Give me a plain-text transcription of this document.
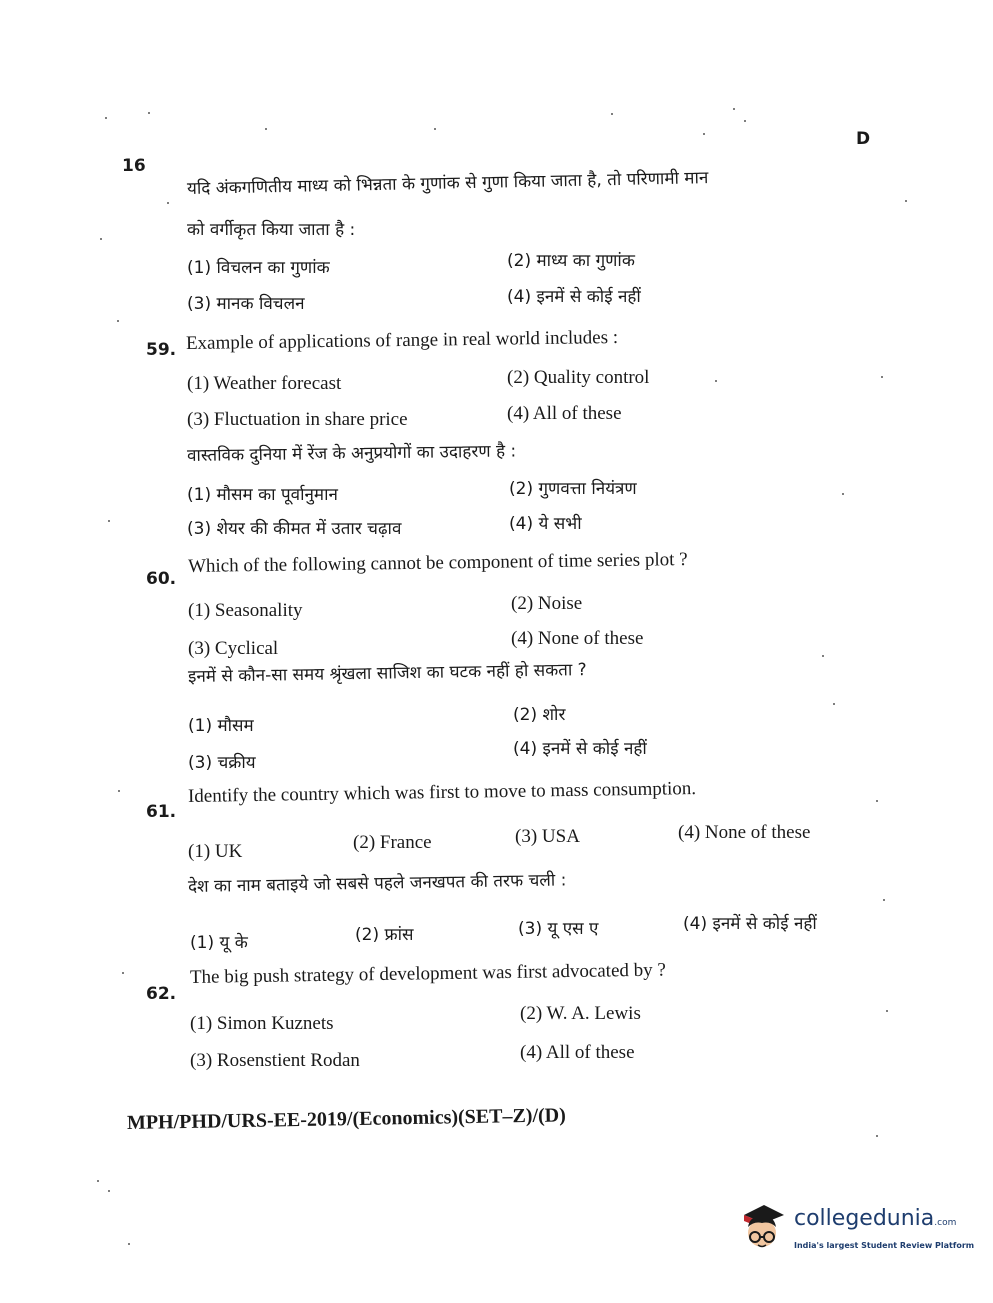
16
D
यदि अंकगणितीय माध्य को भिन्नता के गुणांक से गुणा किया जाता है, तो परिणामी मान
को वर्गीकृत किया जाता है :
(1) विचलन का गुणांक	(2) माध्य का गुणांक
(3) मानक विचलन	(4) इनमें से कोई नहीं
59. Example of applications of range in real world includes :
(1) Weather forecast	(2) Quality control
(3) Fluctuation in share price	(4) All of these
वास्तविक दुनिया में रेंज के अनुप्रयोगों का उदाहरण है :
(1) मौसम का पूर्वानुमान	(2) गुणवत्ता नियंत्रण
(3) शेयर की कीमत में उतार चढ़ाव	(4) ये सभी
60.
Which of the following cannot be component of time series plot ?
(1) Seasonality	(2) Noise
(3) Cyclical	(4) None of these
इनमें से कौन-सा समय श्रृंखला साजिश का घटक नहीं हो सकता ?
(1) मौसम
(2) शोर
(3) चक्रीय
(4) इनमें से कोई नहीं
61.
Identify the country which was first to move to mass consumption.
(1) UK	(2) France	(3) USA	(4) None of these
देश का नाम बताइये जो सबसे पहले जनखपत की तरफ चली :
(1) यू के	(2) फ्रांस	(3) यू एस ए	(4) इनमें से कोई नहीं
62.
The big push strategy of development was first advocated by ?
(1) Simon Kuznets	(2) W. A. Lewis
(3) Rosenstient Rodan	(4) All of these
MPH/PHD/URS-EE-2019/(Economics)(SET–Z)/(D)
collegedunia.com
India's largest Student Review Platform
